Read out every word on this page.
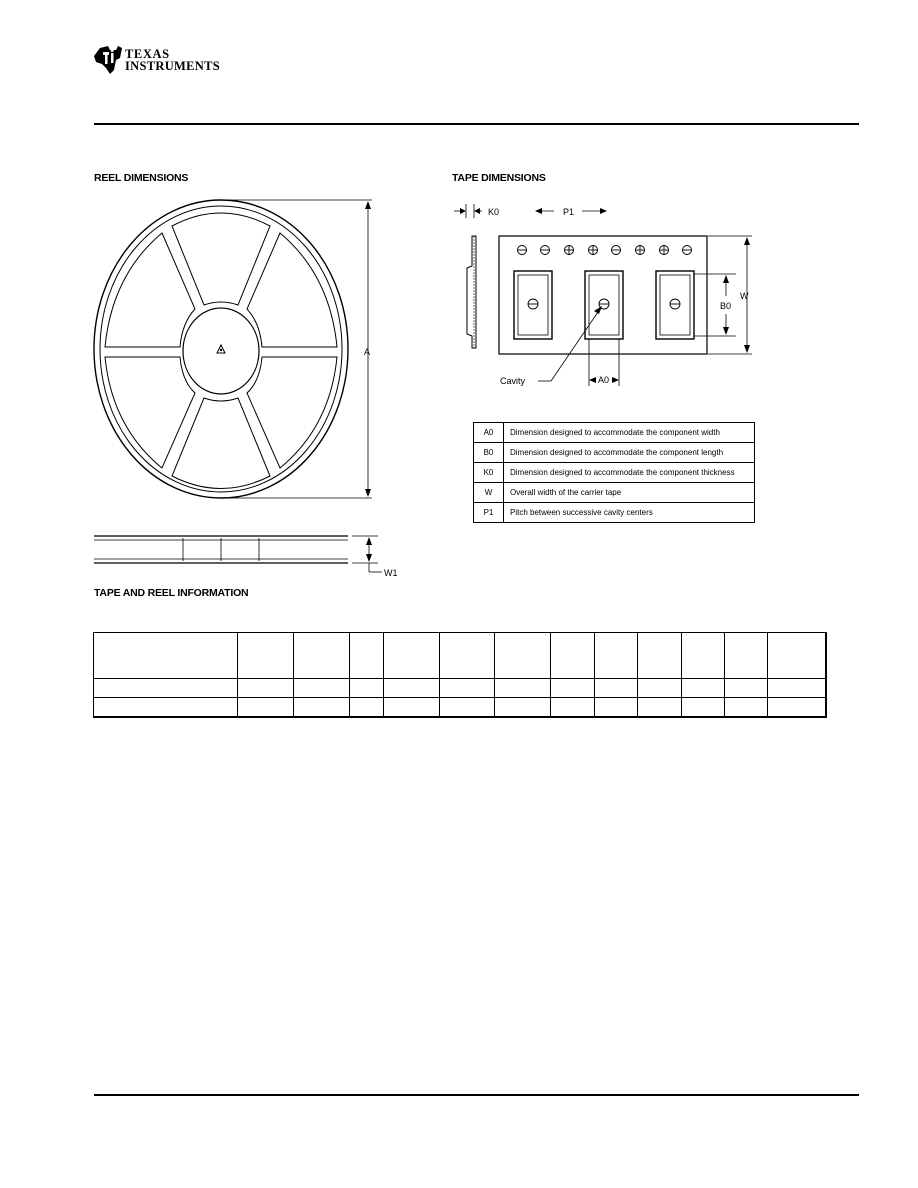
TEXAS
INSTRUMENTS
REEL DIMENSIONS	TAPE DIMENSIONS
A
W1
K0	P1
W
B0
A0
Cavity
A0	Dimension designed to accommodate the component width
B0	Dimension designed to accommodate the component length
K0	Dimension designed to accommodate the component thickness
W	Overall width of the carrier tape
P1	Pitch between successive cavity centers
TAPE AND REEL INFORMATION
